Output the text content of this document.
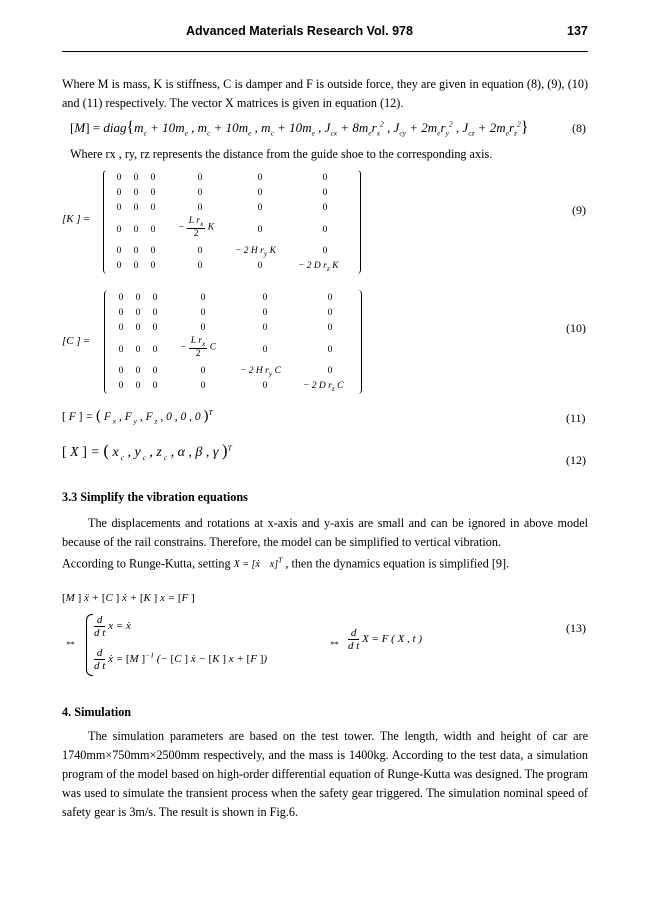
Advanced Materials Research Vol. 978	137
Where M is mass, K is stiffness, C is damper and F is outside force, they are given in equation (8), (9), (10) and (11) respectively. The vector X matrices is given in equation (12).
$[M] = diag\{m_c + 10m_e$ , $m_c + 10m_e$ , $m_c + 10m_e$ , $J_{cx} + 8m_er_x^2$ , $J_{cy} + 2m_er_y^2$ , $J_{cz} + 2m_er_z^2$}	(8)
Where rx , ry, rz represents the distance from the guide shoe to the corresponding axis.
[K ] =
0	0	0	0	0	0
0	0	0	0	0	0
0	0	0	0	0	0
0	0	0	− $\frac{L r_x}{2}$ K	0	0
0	0	0	0	− 2 H $r_y$ K	0
0	0	0	0	0	− 2 D $r_z$ K
(9)
[C ] =
0	0	0	0	0	0
0	0	0	0	0	0
0	0	0	0	0	0
0	0	0	− $\frac{L r_x}{2}$ C	0	0
0	0	0	0	− 2 H $r_y$ C	0
0	0	0	0	0	− 2 D $r_z$ C
(10)
[ F ] = ( F $_x$ , F $_y$ , F $_z$ , 0 , 0 , 0 )$^T$	(11)
[ X ] = ( x $_c$ , y $_c$ , z $_c$ , α , β , γ )$^T$
(12)
3.3 Simplify the vibration equations
The displacements and rotations at x-axis and y-axis are small and can be ignored in above model because of the rail constrains. Therefore, the model can be simplified to vertical vibration.
According to Runge-Kutta, setting X = [ẋ    x]$^T$ , then the dynamics equation is simplified [9].
[M ] ẍ + [C ] ẋ + [K ] x = [F ]
⇔
$\frac{d}{\text{d t}}$ x = ẋ
$\frac{d}{\text{d t}}$ ẋ = [M ]$^{-1}$ (− [C ] ẋ − [K ] x + [F ])
⇔ $\frac{d}{\text{d t}}$ X = F ( X , t )
(13)
4. Simulation
The simulation parameters are based on the test tower. The length, width and height of car are 1740mm×750mm×2500mm respectively, and the mass is 1400kg. According to the test data, a simulation program of the model based on high-order differential equation of Runge-Kutta was designed. The program was used to simulate the transient process when the safety gear triggered. The simulation nominal speed of safety gear is 3m/s. The result is shown in Fig.6.
